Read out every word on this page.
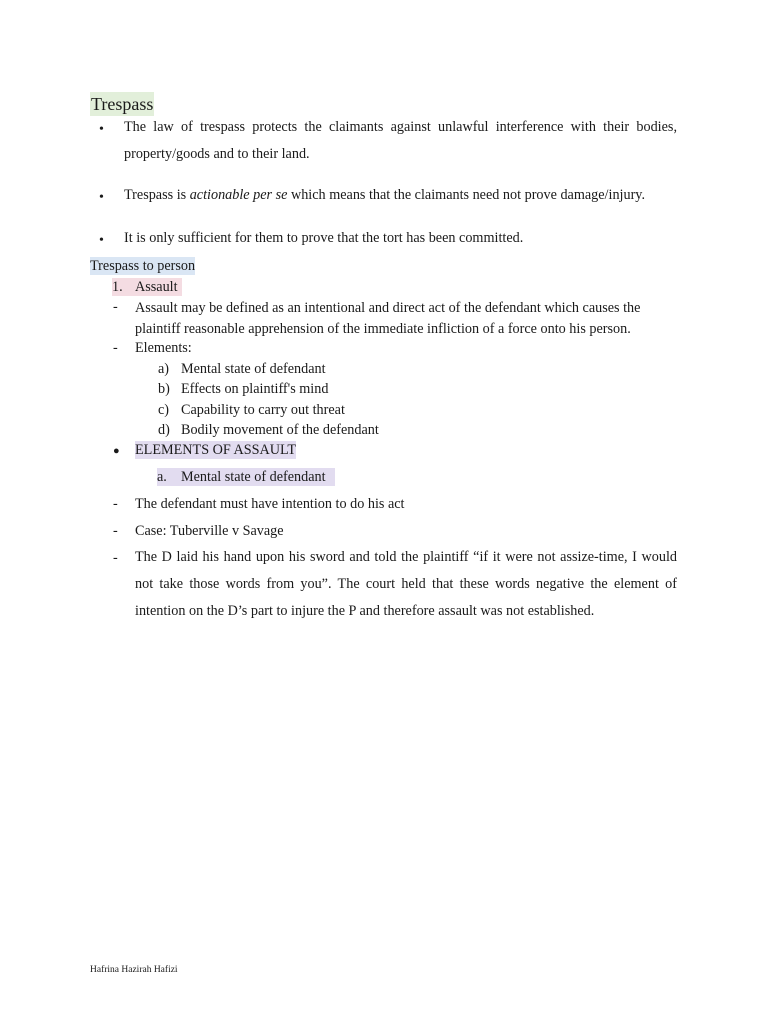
Trespass
• The law of trespass protects the claimants against unlawful interference with their bodies, property/goods and to their land.
• Trespass is actionable per se which means that the claimants need not prove damage/injury.
• It is only sufficient for them to prove that the tort has been committed.
Trespass to person
1. Assault
- Assault may be defined as an intentional and direct act of the defendant which causes the plaintiff reasonable apprehension of the immediate infliction of a force onto his person.
- Elements:
a) Mental state of defendant
b) Effects on plaintiff's mind
c) Capability to carry out threat
d) Bodily movement of the defendant
● ELEMENTS OF ASSAULT
a. Mental state of defendant
- The defendant must have intention to do his act
- Case: Tuberville v Savage
- The D laid his hand upon his sword and told the plaintiff “if it were not assize-time, I would not take those words from you”. The court held that these words negative the element of intention on the D’s part to injure the P and therefore assault was not established.
Hafrina Hazirah Hafizi
